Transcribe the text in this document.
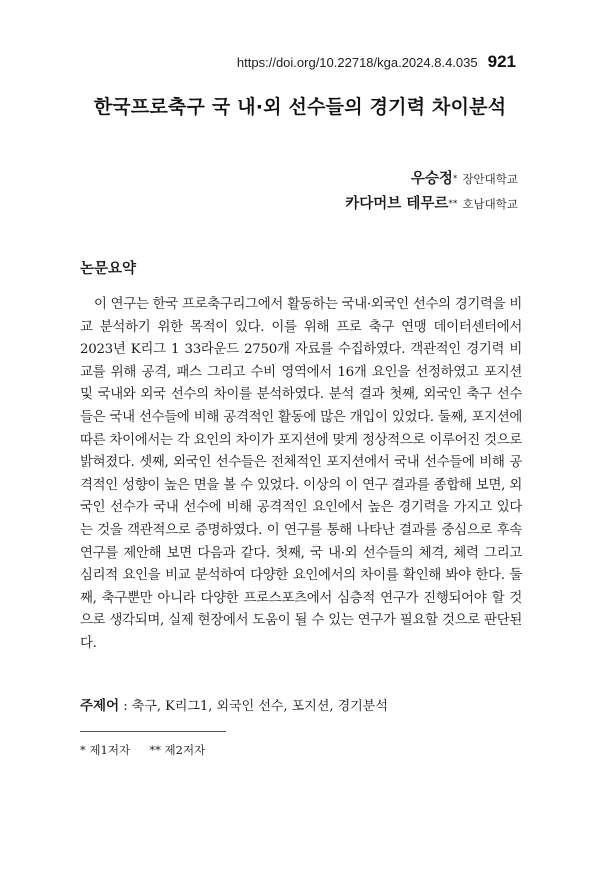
https://doi.org/10.22718/kga.2024.8.4.035 921
한국프로축구 국 내·외 선수들의 경기력 차이분석
우승정* 장안대학교
카다머브 테무르** 호남대학교
논문요약

이 연구는 한국 프로축구리그에서 활동하는 국내·외국인 선수의 경기력을 비교 분석하기 위한 목적이 있다. 이를 위해 프로 축구 연맹 데이터센터에서 2023년 K리그 1 33라운드 2750개 자료를 수집하였다. 객관적인 경기력 비교를 위해 공격, 패스 그리고 수비 영역에서 16개 요인을 선정하였고 포지션 및 국내와 외국 선수의 차이를 분석하였다. 분석 결과 첫째, 외국인 축구 선수들은 국내 선수들에 비해 공격적인 활동에 많은 개입이 있었다. 둘째, 포지션에 따른 차이에서는 각 요인의 차이가 포지션에 맞게 정상적으로 이루어진 것으로 밝혀졌다. 셋째, 외국인 선수들은 전체적인 포지션에서 국내 선수들에 비해 공격적인 성향이 높은 면을 볼 수 있었다. 이상의 이 연구 결과를 종합해 보면, 외국인 선수가 국내 선수에 비해 공격적인 요인에서 높은 경기력을 가지고 있다는 것을 객관적으로 증명하였다. 이 연구를 통해 나타난 결과를 중심으로 후속 연구를 제안해 보면 다음과 같다. 첫째, 국 내·외 선수들의 체격, 체력 그리고 심리적 요인을 비교 분석하여 다양한 요인에서의 차이를 확인해 봐야 한다. 둘째, 축구뿐만 아니라 다양한 프로스포츠에서 심층적 연구가 진행되어야 할 것으로 생각되며, 실제 현장에서 도움이 될 수 있는 연구가 필요할 것으로 판단된다.

주제어 : 축구, K리그1, 외국인 선수, 포지션, 경기분석
* 제1저자 ** 제2저자
